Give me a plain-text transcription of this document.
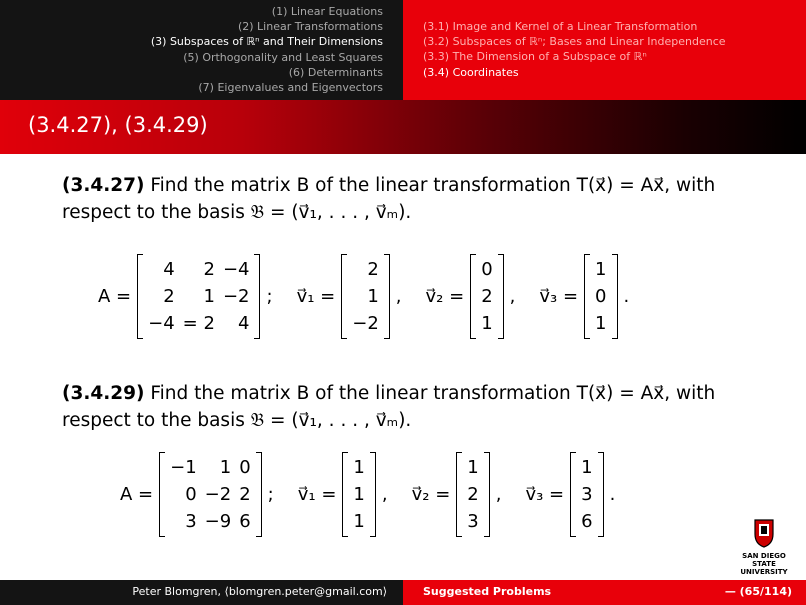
(1) Linear Equations
(2) Linear Transformations
(3) Subspaces of ℝⁿ and Their Dimensions
(5) Orthogonality and Least Squares
(6) Determinants
(7) Eigenvalues and Eigenvectors
(3.1) Image and Kernel of a Linear Transformation
(3.2) Subspaces of ℝⁿ; Bases and Linear Independence
(3.3) The Dimension of a Subspace of ℝⁿ
(3.4) Coordinates
(3.4.27), (3.4.29)
(3.4.27) Find the matrix B of the linear transformation T(x⃗) = Ax⃗, with
respect to the basis 𝔅 = (v⃗₁, . . . , v⃗ₘ).
A =
4	2	−4
2	1	−2
−4	= 2	4
; v⃗₁ =
2
1
−2
, v⃗₂ =
0
2
1
, v⃗₃ =
1
0
1
.
(3.4.29) Find the matrix B of the linear transformation T(x⃗) = Ax⃗, with
respect to the basis 𝔅 = (v⃗₁, . . . , v⃗ₘ).
A =
−1	1	0
0	−2	2
3	−9	6
; v⃗₁ =
1
1
1
, v⃗₂ =
1
2
3
, v⃗₃ =
1
3
6
.
SAN DIEGO STATE
UNIVERSITY
Peter Blomgren, ⟨blomgren.peter@gmail.com⟩	Suggested Problems	— (65/114)
